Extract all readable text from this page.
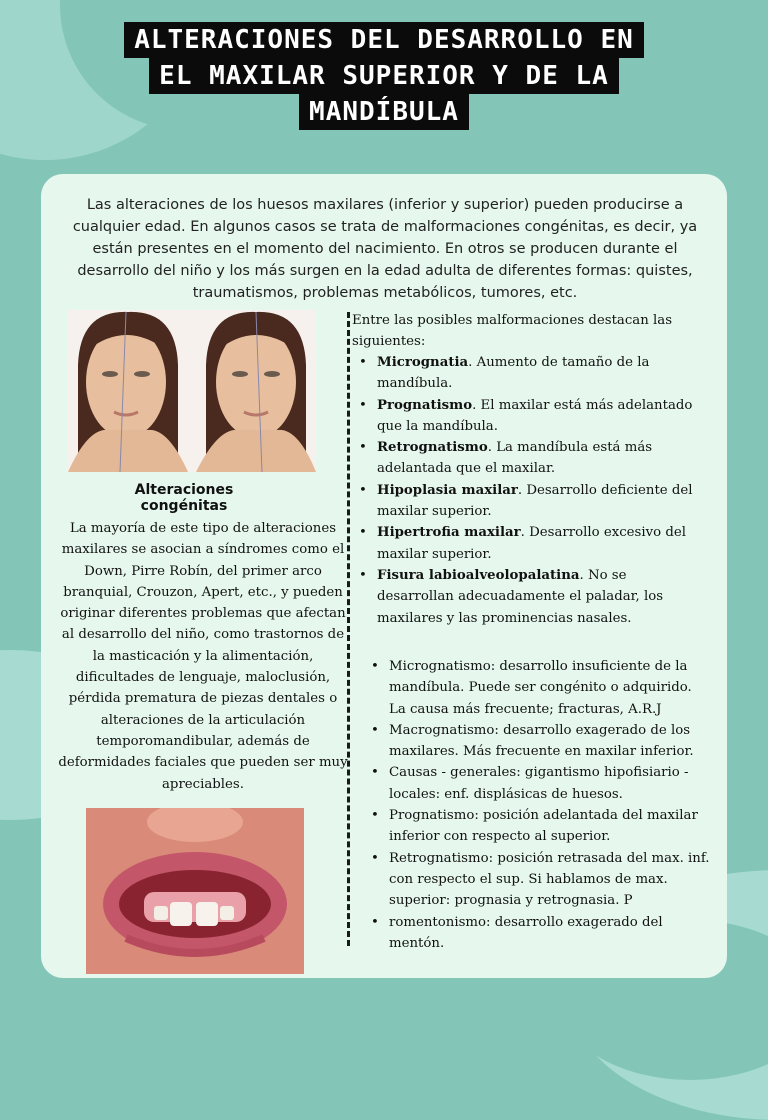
ALTERACIONES DEL DESARROLLO EN
EL MAXILAR SUPERIOR Y DE LA
MANDÍBULA

Las alteraciones de los huesos maxilares (inferior y superior) pueden producirse a cualquier edad. En algunos casos se trata de malformaciones congénitas, es decir, ya están presentes en el momento del nacimiento. En otros se producen durante el desarrollo del niño y los más surgen en la edad adulta de diferentes formas: quistes, traumatismos, problemas metabólicos, tumores, etc.

Alteraciones congénitas

La mayoría de este tipo de alteraciones maxilares se asocian a síndromes como el Down, Pirre Robín, del primer arco branquial, Crouzon, Apert, etc., y pueden originar diferentes problemas que afectan al desarrollo del niño, como trastornos de la masticación y la alimentación, dificultades de lenguaje, maloclusión, pérdida prematura de piezas dentales o alteraciones de la articulación temporomandibular, además de deformidades faciales que pueden ser muy apreciables.

Entre las posibles malformaciones destacan las siguientes:

• Micrognatia. Aumento de tamaño de la mandíbula.
• Prognatismo. El maxilar está más adelantado que la mandíbula.
• Retrognatismo. La mandíbula está más adelantada que el maxilar.
• Hipoplasia maxilar. Desarrollo deficiente del maxilar superior.
• Hipertrofia maxilar. Desarrollo excesivo del maxilar superior.
• Fisura labioalveolopalatina. No se desarrollan adecuadamente el paladar, los maxilares y las prominencias nasales.
• Micrognatismo: desarrollo insuficiente de la mandíbula. Puede ser congénito o adquirido. La causa más frecuente; fracturas, A.R.J
• Macrognatismo: desarrollo exagerado de los maxilares. Más frecuente en maxilar inferior.
• Causas - generales: gigantismo hipofisiario - locales: enf. displásicas de huesos.
• Prognatismo: posición adelantada del maxilar inferior con respecto al superior.
• Retrognatismo: posición retrasada del max. inf. con respecto el sup. Si hablamos de max. superior: prognasia y retrognasia. P
• romentonismo: desarrollo exagerado del mentón.
